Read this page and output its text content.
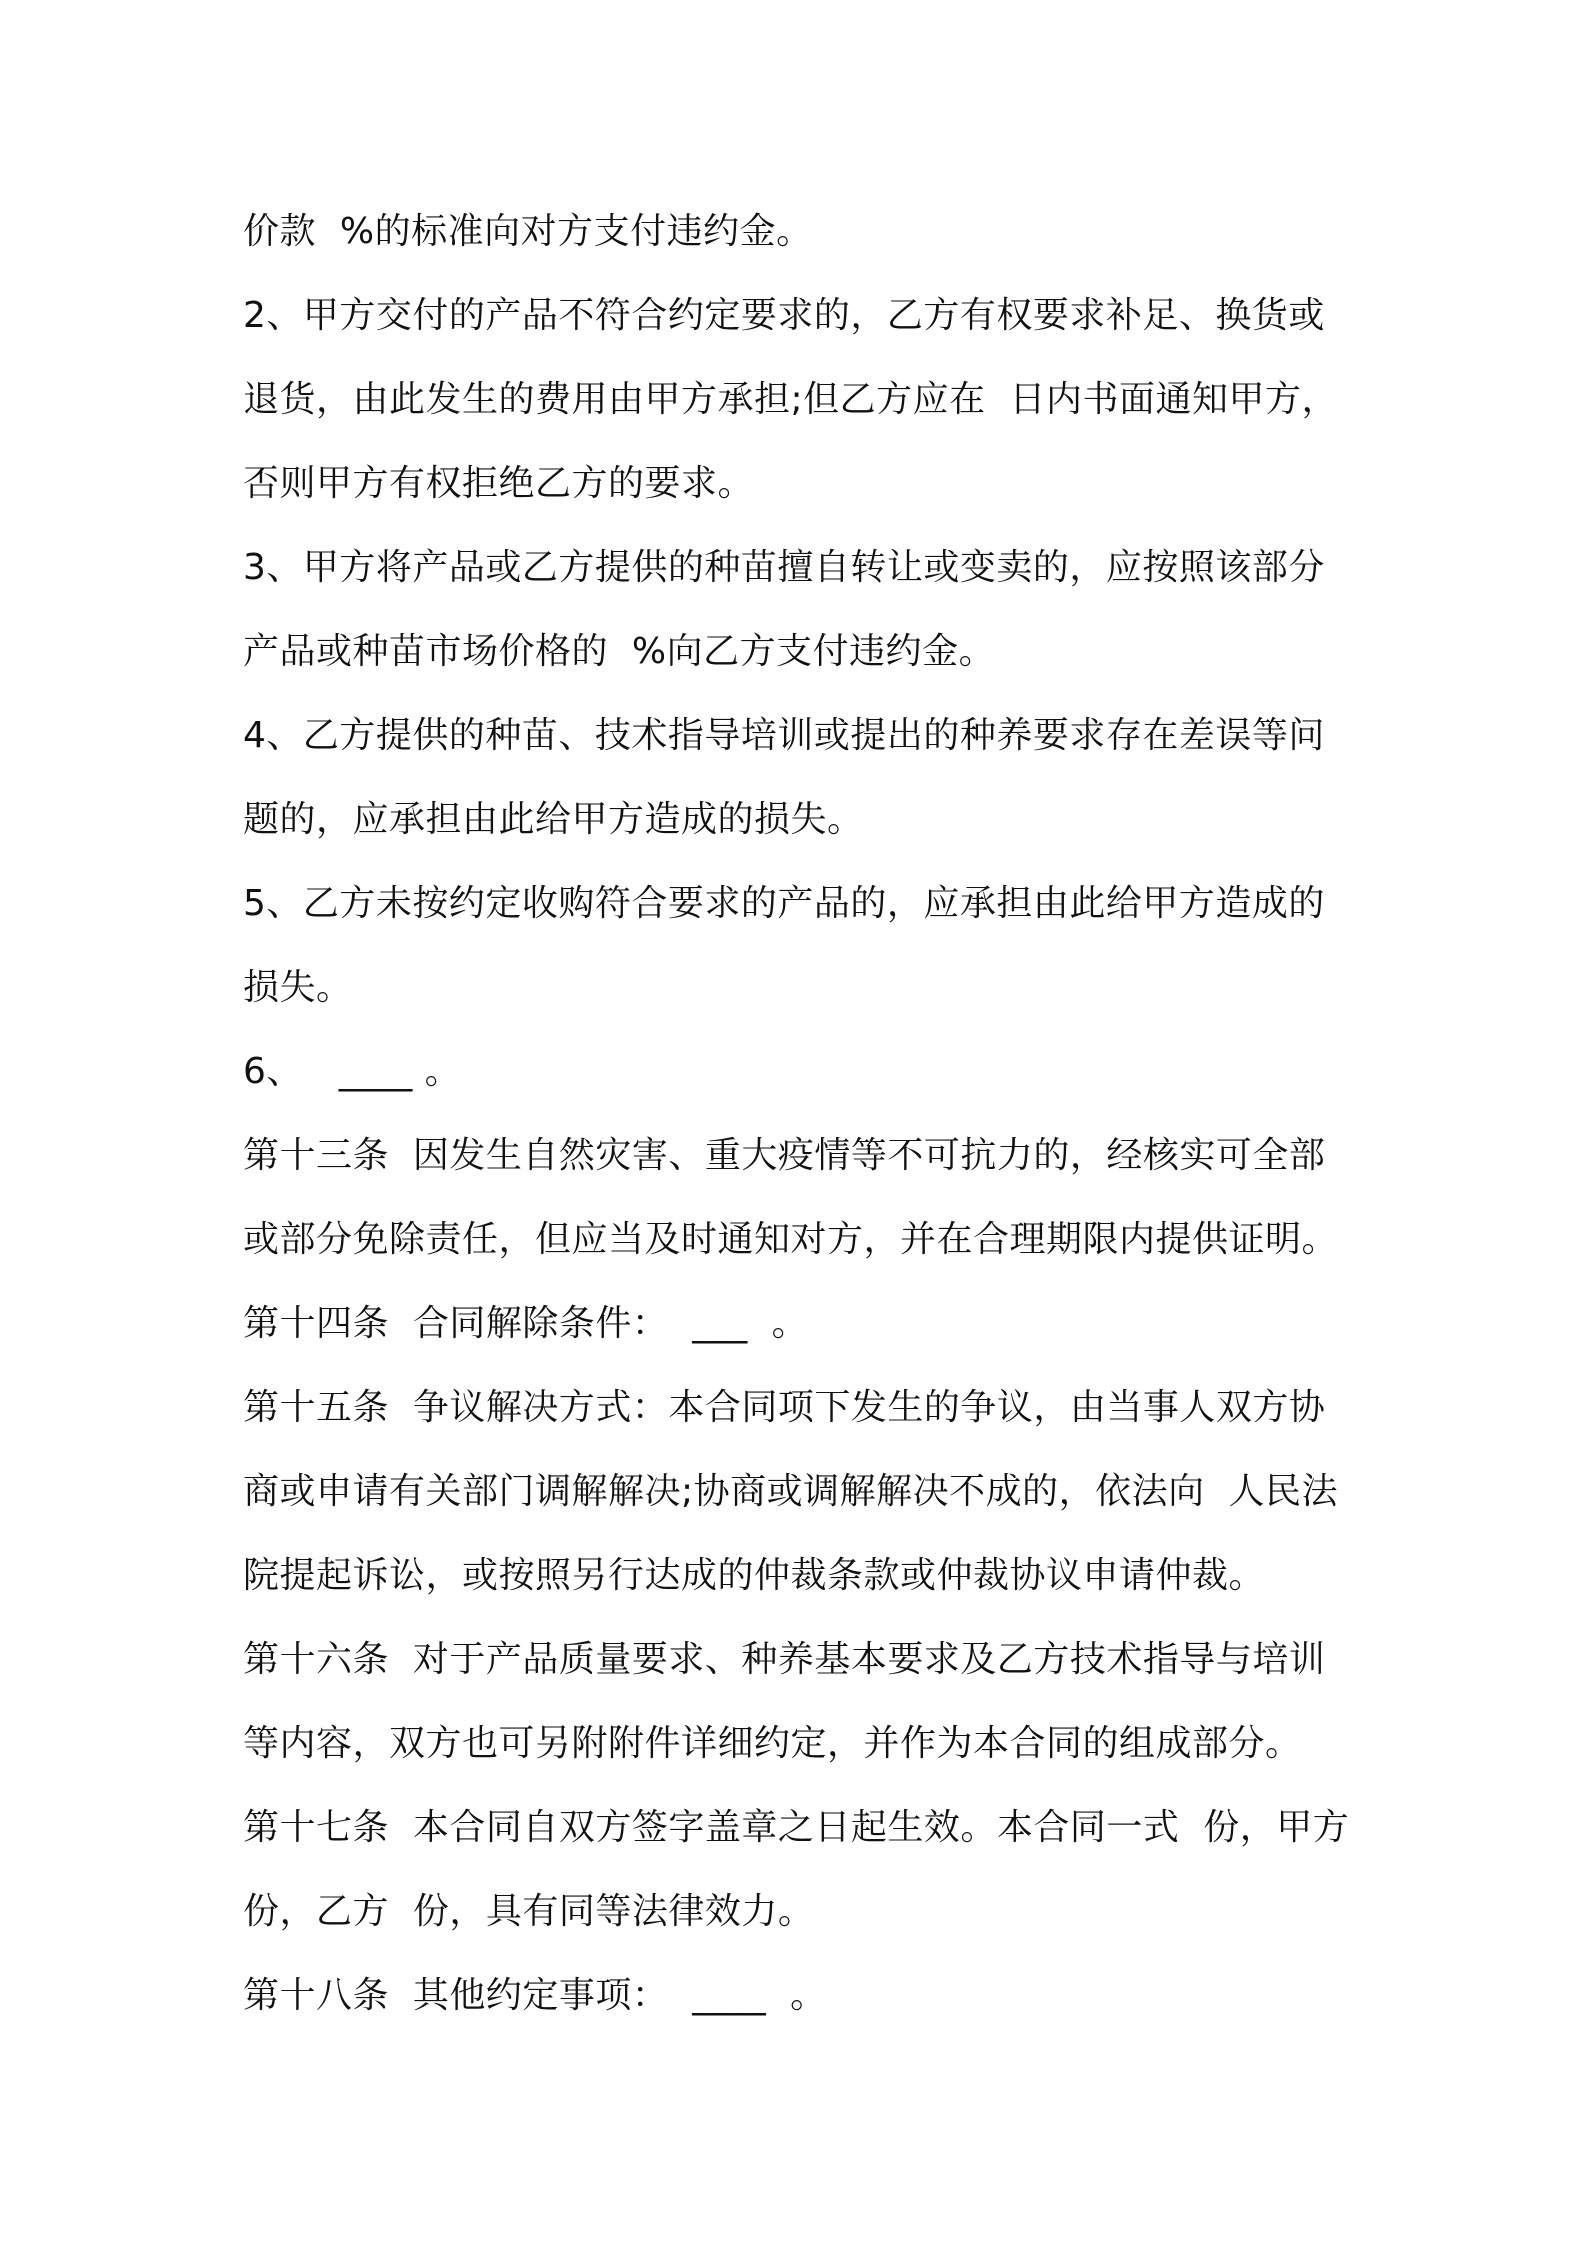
价款  %的标准向对方支付违约金。
2、甲方交付的产品不符合约定要求的，乙方有权要求补足、换货或
退货，由此发生的费用由甲方承担;但乙方应在  日内书面通知甲方，
否则甲方有权拒绝乙方的要求。
3、甲方将产品或乙方提供的种苗擅自转让或变卖的，应按照该部分
产品或种苗市场价格的  %向乙方支付违约金。
4、乙方提供的种苗、技术指导培训或提出的种养要求存在差误等问
题的，应承担由此给甲方造成的损失。
5、乙方未按约定收购符合要求的产品的，应承担由此给甲方造成的
损失。
6、   ____ 。
第十三条  因发生自然灾害、重大疫情等不可抗力的，经核实可全部
或部分免除责任，但应当及时通知对方，并在合理期限内提供证明。
第十四条  合同解除条件：  ___  。
第十五条  争议解决方式：本合同项下发生的争议，由当事人双方协
商或申请有关部门调解解决;协商或调解解决不成的，依法向  人民法
院提起诉讼，或按照另行达成的仲裁条款或仲裁协议申请仲裁。
第十六条  对于产品质量要求、种养基本要求及乙方技术指导与培训
等内容，双方也可另附附件详细约定，并作为本合同的组成部分。
第十七条  本合同自双方签字盖章之日起生效。本合同一式  份，甲方
份，乙方  份，具有同等法律效力。
第十八条  其他约定事项：  ____  。
